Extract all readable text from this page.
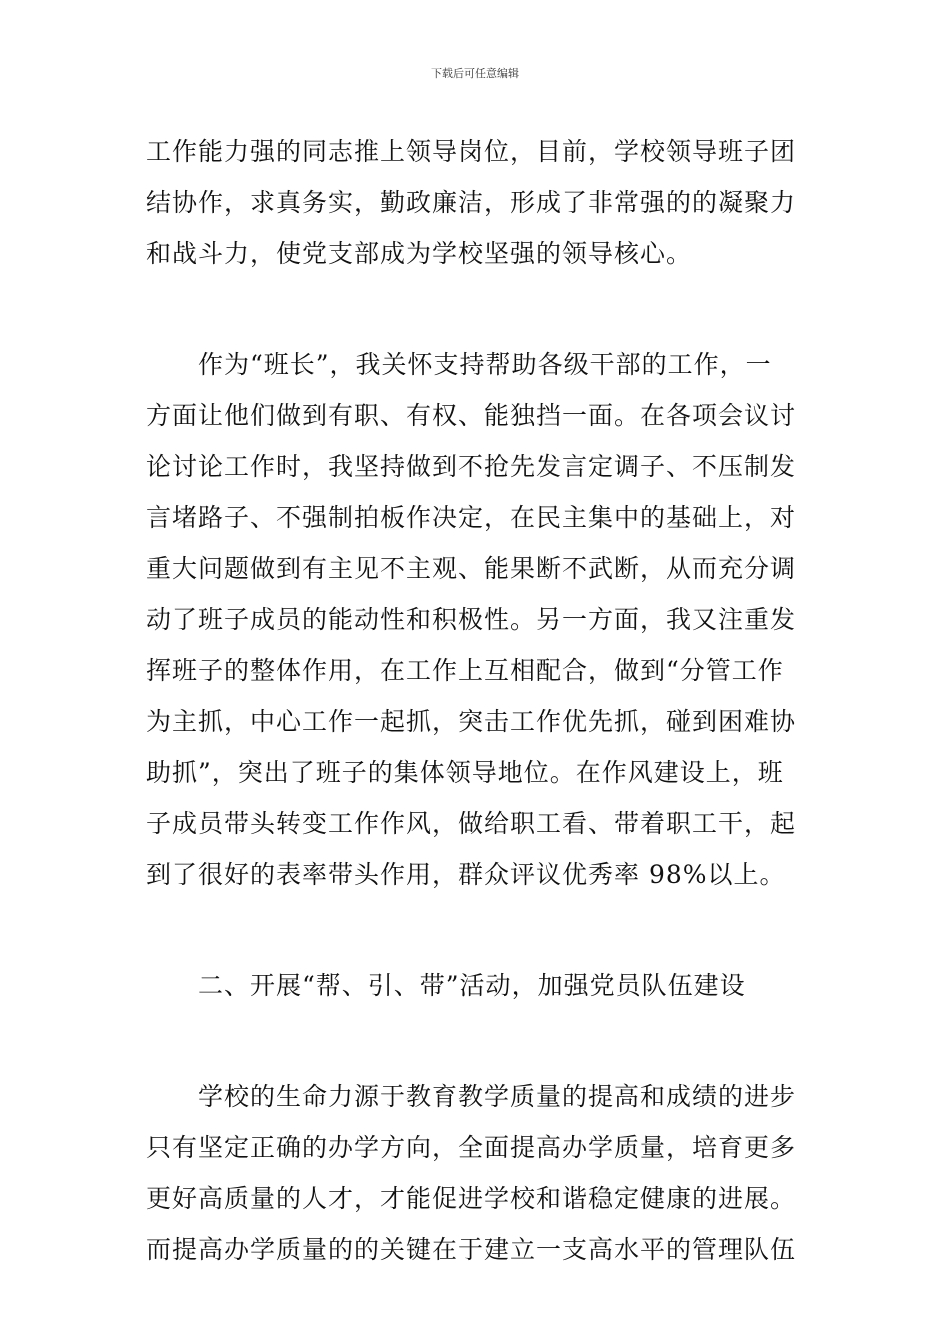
下载后可任意编辑
工作能力强的同志推上领导岗位，目前，学校领导班子团
结协作，求真务实，勤政廉洁，形成了非常强的的凝聚力
和战斗力，使党支部成为学校坚强的领导核心。
作为“班长”，我关怀支持帮助各级干部的工作，一
方面让他们做到有职、有权、能独挡一面。在各项会议讨
论讨论工作时，我坚持做到不抢先发言定调子、不压制发
言堵路子、不强制拍板作决定，在民主集中的基础上，对
重大问题做到有主见不主观、能果断不武断，从而充分调
动了班子成员的能动性和积极性。另一方面，我又注重发
挥班子的整体作用，在工作上互相配合，做到“分管工作
为主抓，中心工作一起抓，突击工作优先抓，碰到困难协
助抓”，突出了班子的集体领导地位。在作风建设上，班
子成员带头转变工作作风，做给职工看、带着职工干，起
到了很好的表率带头作用，群众评议优秀率 98%以上。
二、开展“帮、引、带”活动，加强党员队伍建设
学校的生命力源于教育教学质量的提高和成绩的进步
只有坚定正确的办学方向，全面提高办学质量，培育更多
更好高质量的人才，才能促进学校和谐稳定健康的进展。
而提高办学质量的的关键在于建立一支高水平的管理队伍
